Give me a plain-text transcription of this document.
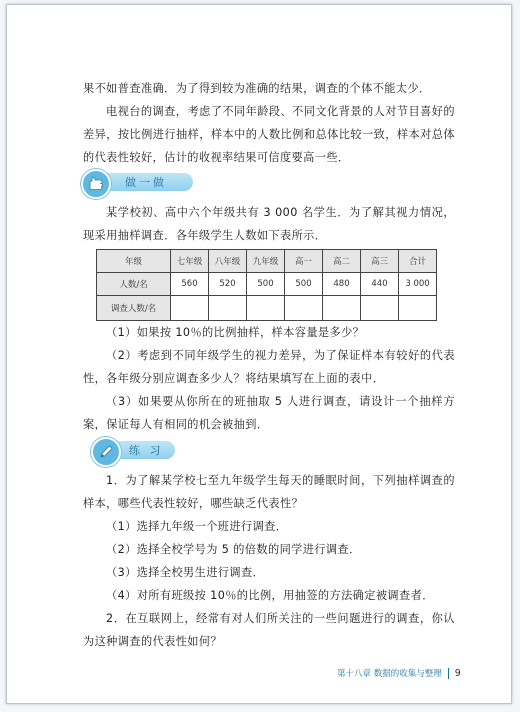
果不如普查准确．为了得到较为准确的结果，调查的个体不能太少．

电视台的调查，考虑了不同年龄段、不同文化背景的人对节目喜好的差异，按比例进行抽样，样本中的人数比例和总体比较一致，样本对总体的代表性较好，估计的收视率结果可信度要高一些．

做一做

某学校初、高中六个年级共有 3 000 名学生．为了解其视力情况，现采用抽样调查．各年级学生人数如下表所示．

年级	七年级	八年级	九年级	高一	高二	高三	合计
人数/名	560	520	500	500	480	440	3 000
调查人数/名							

（1）如果按 10％的比例抽样，样本容量是多少？

（2）考虑到不同年级学生的视力差异，为了保证样本有较好的代表性，各年级分别应调查多少人？将结果填写在上面的表中．

（3）如果要从你所在的班抽取 5 人进行调查，请设计一个抽样方案，保证每人有相同的机会被抽到．

练 习

1．为了解某学校七至九年级学生每天的睡眠时间，下列抽样调查的样本，哪些代表性较好，哪些缺乏代表性？

（1）选择九年级一个班进行调查．

（2）选择全校学号为 5 的倍数的同学进行调查．

（3）选择全校男生进行调查．

（4）对所有班级按 10％的比例，用抽签的方法确定被调查者．

2．在互联网上，经常有对人们所关注的一些问题进行的调查，你认为这种调查的代表性如何？

第十八章 数据的收集与整理 9
